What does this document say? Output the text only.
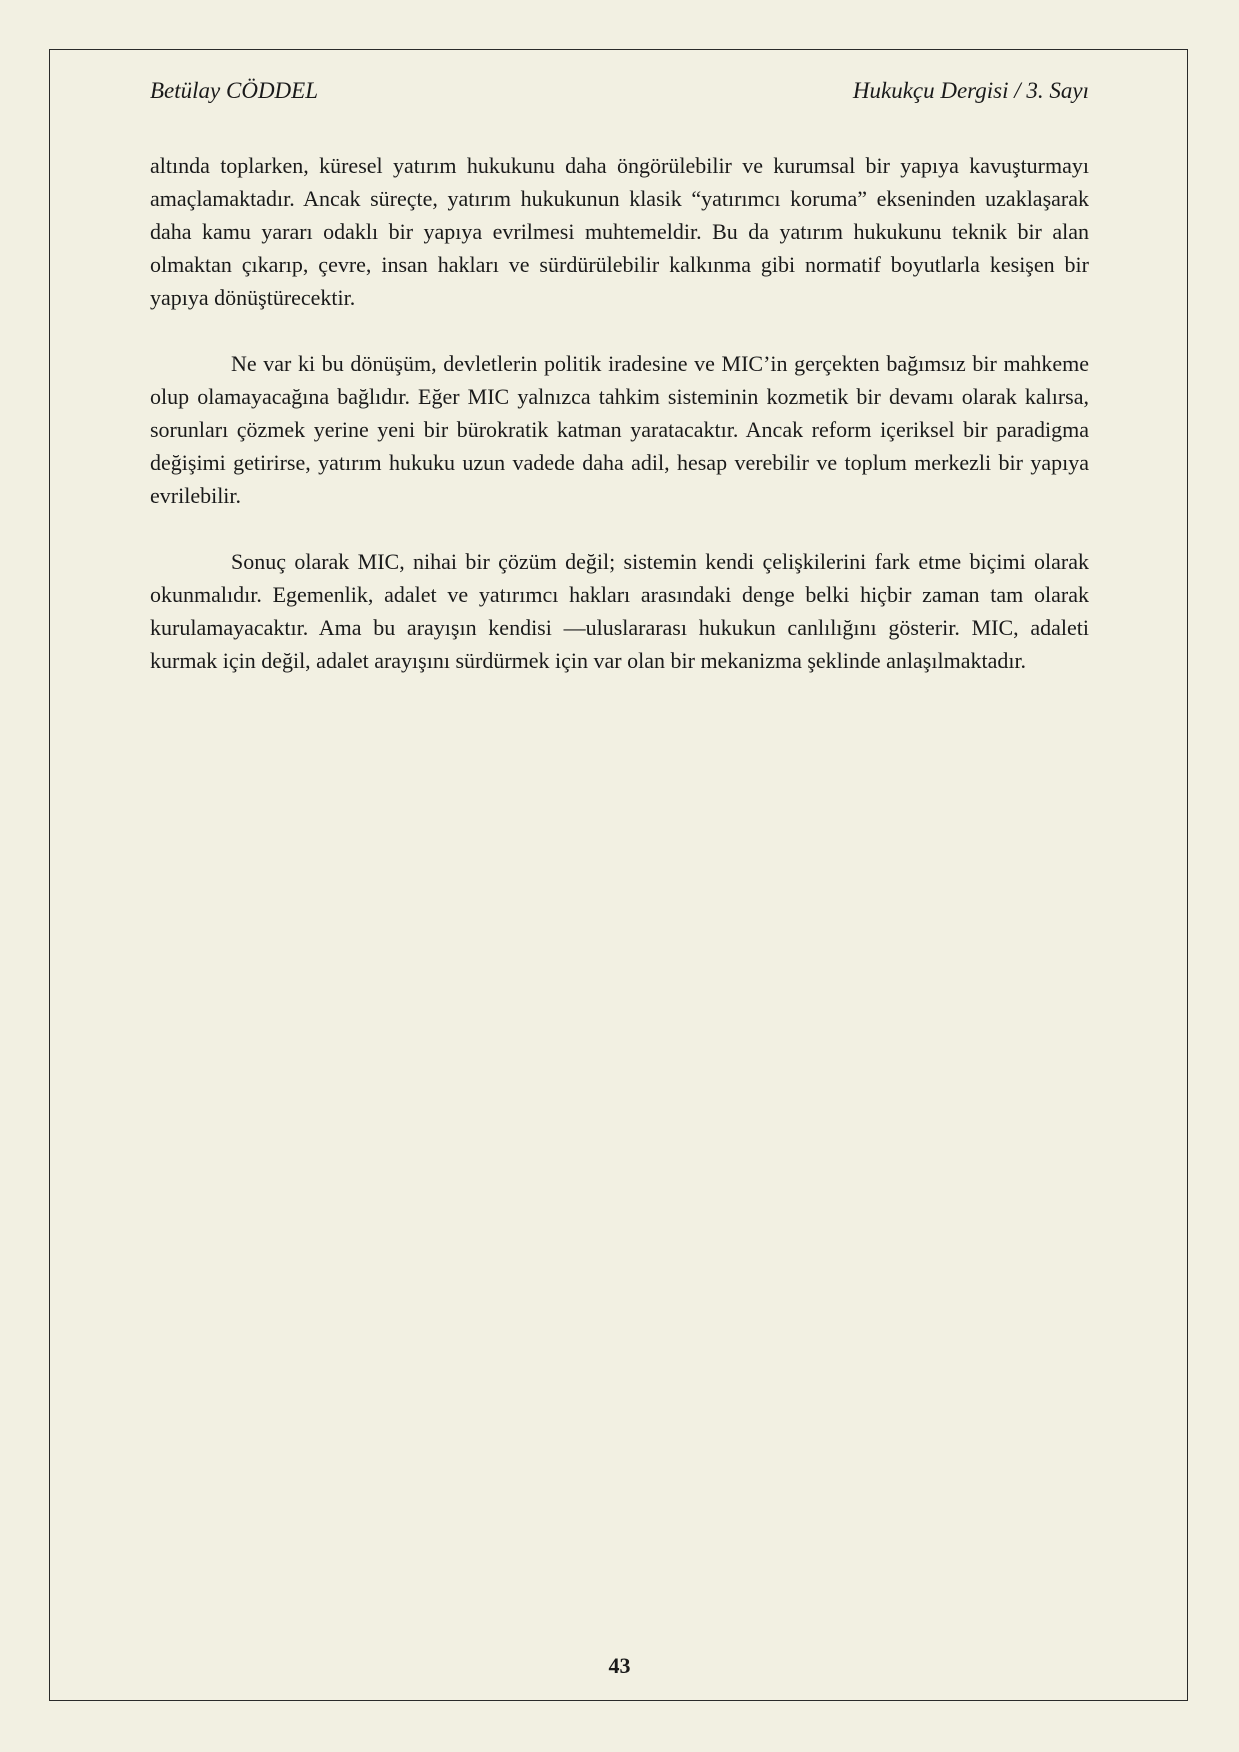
Betülay CÖDDEL	Hukukçu Dergisi / 3. Sayı

altında toplarken, küresel yatırım hukukunu daha öngörülebilir ve kurumsal bir yapıya kavuşturmayı amaçlamaktadır. Ancak süreçte, yatırım hukukunun klasik “yatırımcı koruma” ekseninden uzaklaşarak daha kamu yararı odaklı bir yapıya evrilmesi muhtemeldir. Bu da yatırım hukukunu teknik bir alan olmaktan çıkarıp, çevre, insan hakları ve sürdürülebilir kalkınma gibi normatif boyutlarla kesişen bir yapıya dönüştürecektir.

Ne var ki bu dönüşüm, devletlerin politik iradesine ve MIC’in gerçekten bağımsız bir mahkeme olup olamayacağına bağlıdır. Eğer MIC yalnızca tahkim sisteminin kozmetik bir devamı olarak kalırsa, sorunları çözmek yerine yeni bir bürokratik katman yaratacaktır. Ancak reform içeriksel bir paradigma değişimi getirirse, yatırım hukuku uzun vadede daha adil, hesap verebilir ve toplum merkezli bir yapıya evrilebilir.

Sonuç olarak MIC, nihai bir çözüm değil; sistemin kendi çelişkilerini fark etme biçimi olarak okunmalıdır. Egemenlik, adalet ve yatırımcı hakları arasındaki denge belki hiçbir zaman tam olarak kurulamayacaktır. Ama bu arayışın kendisi —uluslararası hukukun canlılığını gösterir. MIC, adaleti kurmak için değil, adalet arayışını sürdürmek için var olan bir mekanizma şeklinde anlaşılmaktadır.

43
